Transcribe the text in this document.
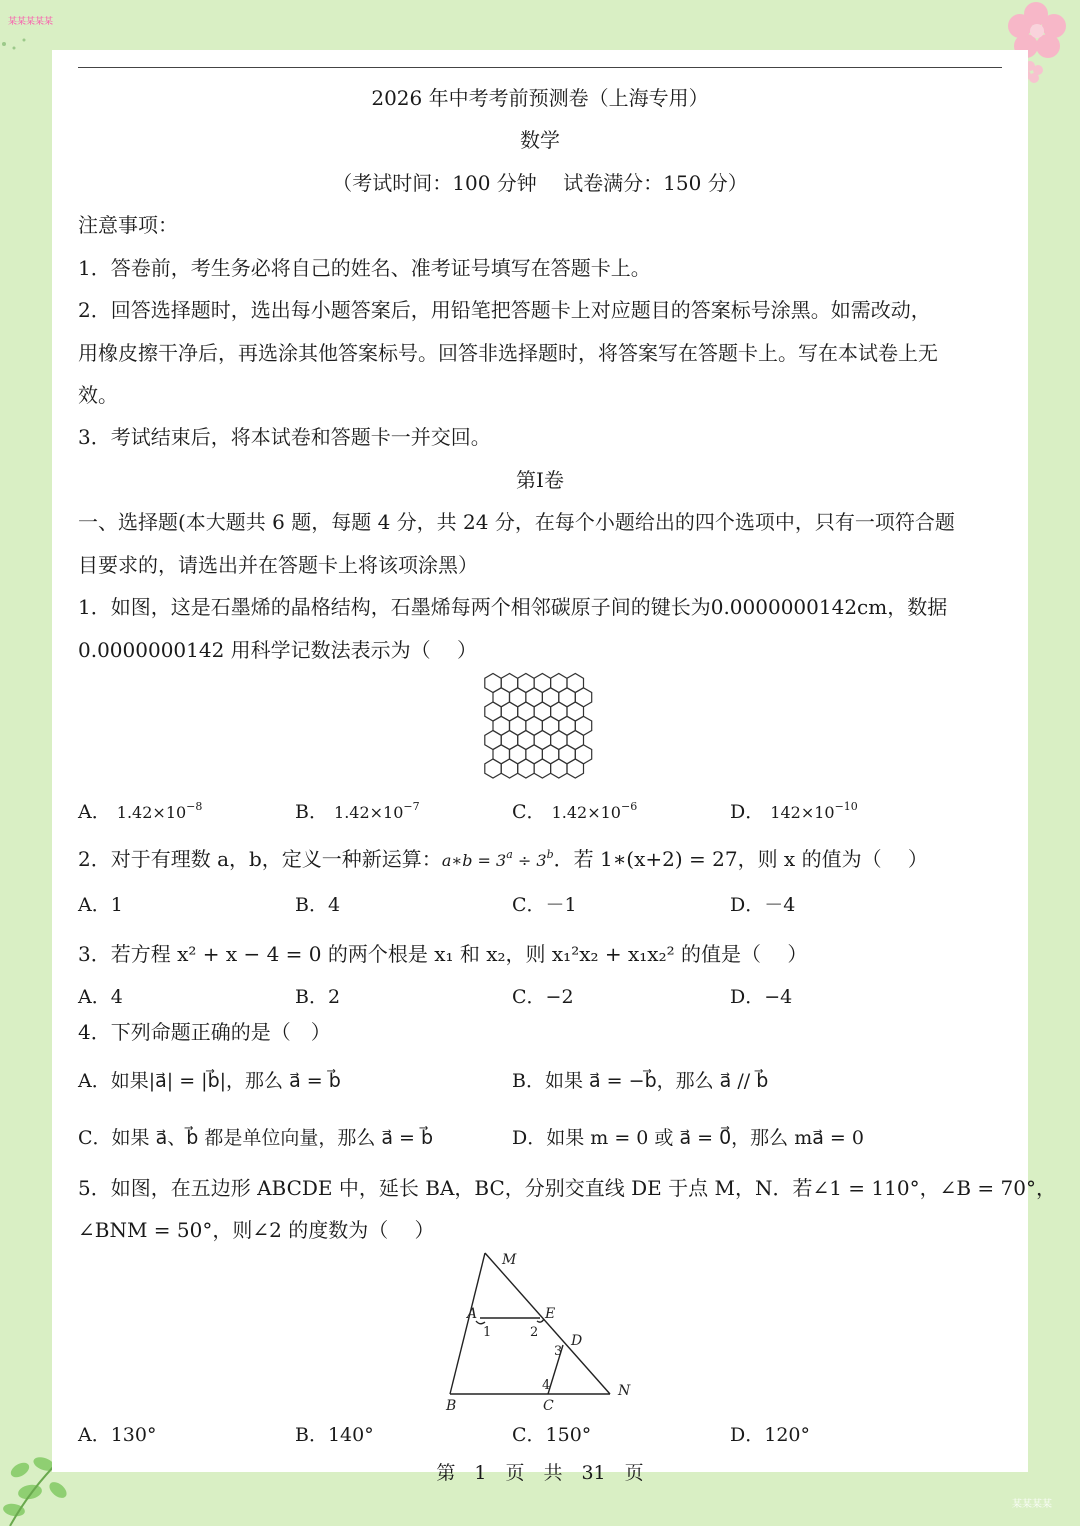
某某某某某
2026 年中考考前预测卷（上海专用）
数学
（考试时间：100 分钟　 试卷满分：150 分）
注意事项：
1．答卷前，考生务必将自己的姓名、准考证号填写在答题卡上。
2．回答选择题时，选出每小题答案后，用铅笔把答题卡上对应题目的答案标号涂黑。如需改动，
用橡皮擦干净后，再选涂其他答案标号。回答非选择题时，将答案写在答题卡上。写在本试卷上无
效。
3．考试结束后，将本试卷和答题卡一并交回。
第I卷
一、选择题(本大题共 6 题，每题 4 分，共 24 分，在每个小题给出的四个选项中，只有一项符合题
目要求的，请选出并在答题卡上将该项涂黑）
1．如图，这是石墨烯的晶格结构，石墨烯每两个相邻碳原子间的键长为0.0000000142cm，数据
0.0000000142 用科学记数法表示为（　 ）
A． $1.42\times 10^{-8}$	B． $1.42\times 10^{-7}$	C． $1.42\times 10^{-6}$	D． $142\times 10^{-10}$
2．对于有理数 a，b，定义一种新运算：a∗b = $3^a \div 3^b$．若 1∗(x+2) = 27，则 x 的值为（　 ）
A．1	B．4	C．－1	D．－4
3．若方程 x² + x − 4 = 0 的两个根是 x₁ 和 x₂，则 x₁²x₂ + x₁x₂² 的值是（　 ）
A．4	B．2	C．−2	D．−4
4．下列命题正确的是（　）
A．如果|a⃗| = |b⃗|，那么 a⃗ = b⃗	B．如果 a⃗ = −b⃗，那么 a⃗ // b⃗
C．如果 a⃗、b⃗ 都是单位向量，那么 a⃗ = b⃗	D．如果 m = 0 或 a⃗ = 0⃗，那么 ma⃗ = 0
5．如图，在五边形 ABCDE 中，延长 BA，BC，分别交直线 DE 于点 M，N．若∠1 = 110°，∠B = 70°，
∠BNM = 50°，则∠2 的度数为（　 ）
M
A	E
D
N
B	C
1	2
3
4
A．130°	B．140°	C．150°	D．120°
第　1　页　共　31　页
某某某某
